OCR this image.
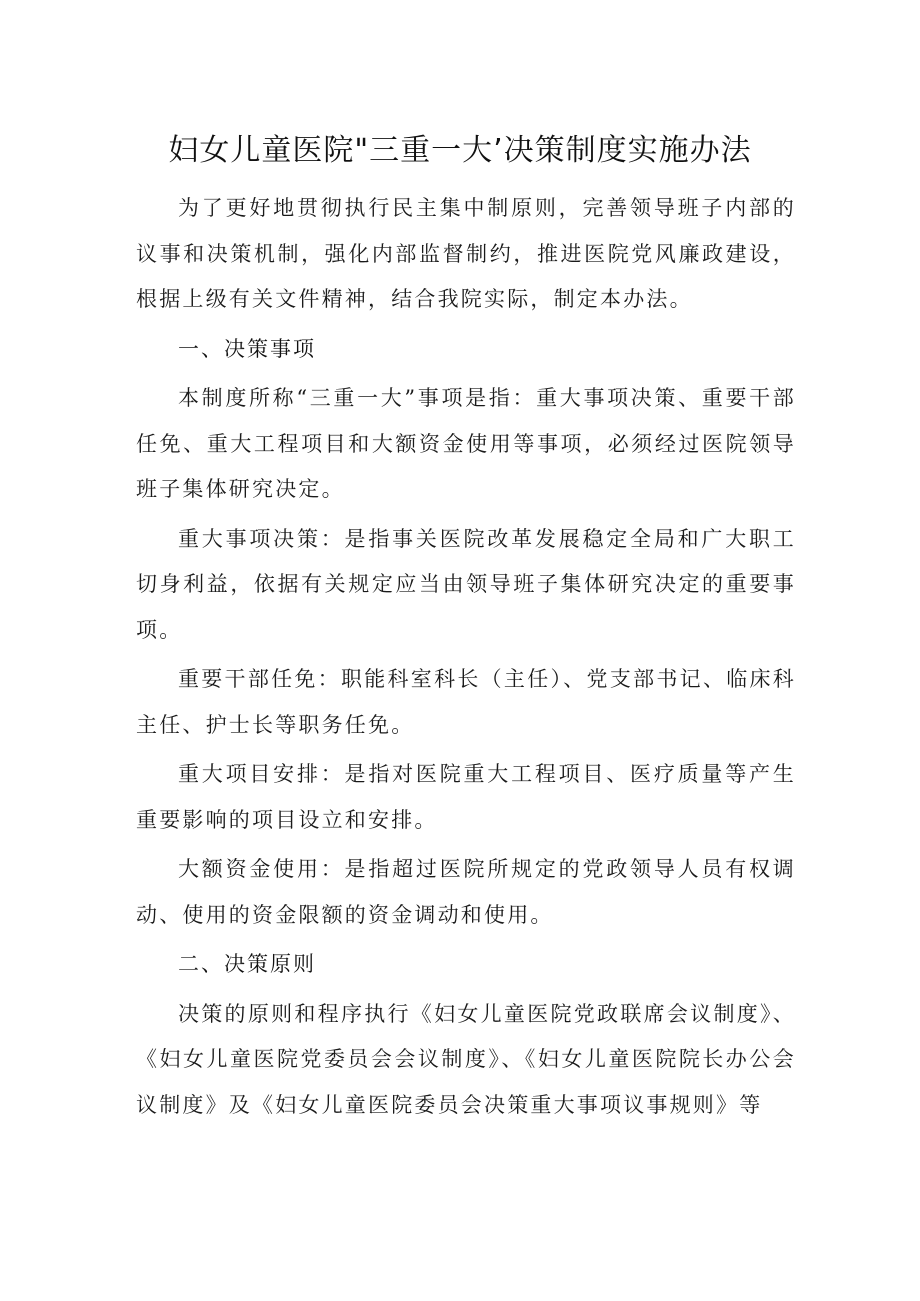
妇女儿童医院"三重一大’决策制度实施办法

为了更好地贯彻执行民主集中制原则，完善领导班子内部的议事和决策机制，强化内部监督制约，推进医院党风廉政建设，根据上级有关文件精神，结合我院实际，制定本办法。

一、决策事项

本制度所称“三重一大”事项是指：重大事项决策、重要干部任免、重大工程项目和大额资金使用等事项，必须经过医院领导班子集体研究决定。

重大事项决策：是指事关医院改革发展稳定全局和广大职工切身利益，依据有关规定应当由领导班子集体研究决定的重要事项。

重要干部任免：职能科室科长（主任）、党支部书记、临床科主任、护士长等职务任免。

重大项目安排：是指对医院重大工程项目、医疗质量等产生重要影响的项目设立和安排。

大额资金使用：是指超过医院所规定的党政领导人员有权调动、使用的资金限额的资金调动和使用。

二、决策原则

决策的原则和程序执行《妇女儿童医院党政联席会议制度》、《妇女儿童医院党委员会会议制度》、《妇女儿童医院院长办公会议制度》及《妇女儿童医院委员会决策重大事项议事规则》等
